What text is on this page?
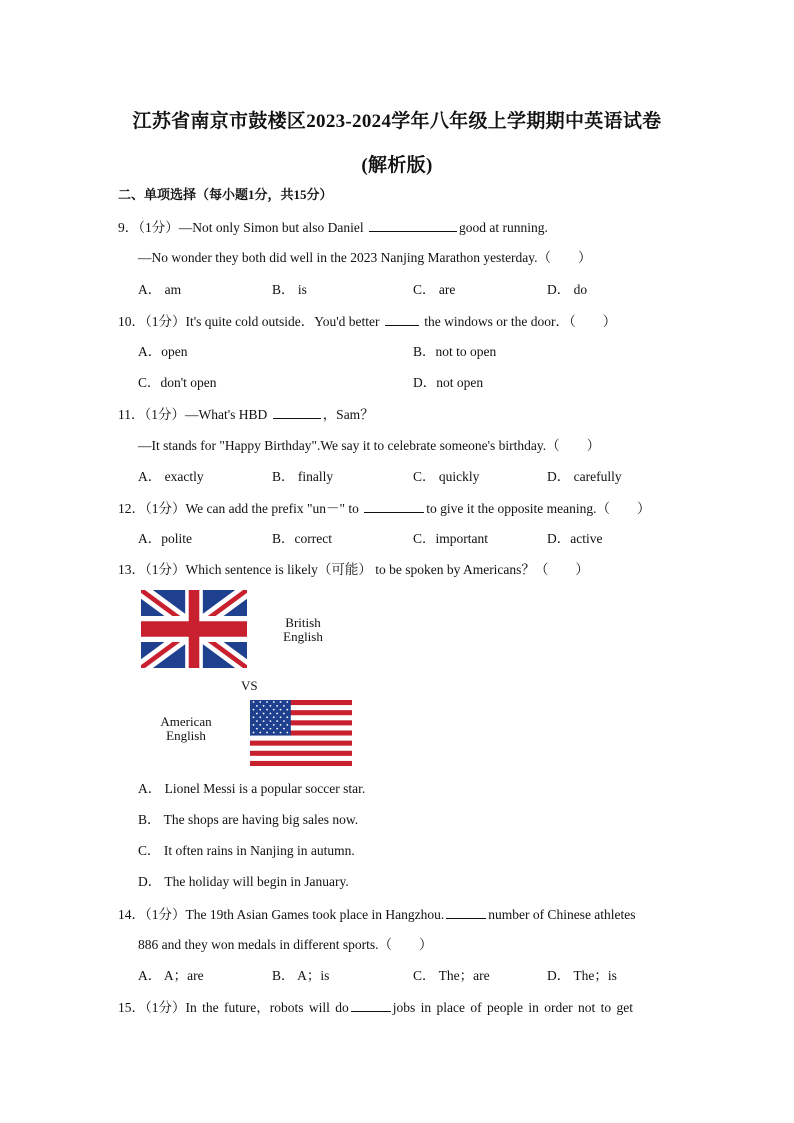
江苏省南京市鼓楼区2023-2024学年八年级上学期期中英语试卷
(解析版)
二、单项选择（每小题1分，共15分）
9．（1分）—Not only Simon but also Daniel	good at running.
—No wonder they both did well in the 2023 Nanjing Marathon yesterday.（　　）
A． am	B． is	C． are	D． do
10．（1分）It's quite cold outside．You'd better	the windows or the door．（　　）
A．open	B．not to open
C．don't open	D．not open
11．（1分）—What's HBD	，Sam？
—It stands for "Happy Birthday".We say it to celebrate someone's birthday.（　　）
A． exactly	B． finally	C． quickly	D． carefully
12．（1分）We can add the prefix "un－" to	to give it the opposite meaning.（　　）
A．polite	B．correct	C．important	D．active
13．（1分）Which sentence is likely（可能） to be spoken by Americans？（　　）
British
English
VS
American
English
A． Lionel Messi is a popular soccer star.
B． The shops are having big sales now.
C． It often rains in Nanjing in autumn.
D． The holiday will begin in January.
14．（1分）The 19th Asian Games took place in Hangzhou.	number of Chinese athletes
886 and they won medals in different sports.（　　）
A． A；are	B． A；is	C． The；are	D． The；is
15．（1分）In the future，robots will do	jobs in place of people in order not to get
